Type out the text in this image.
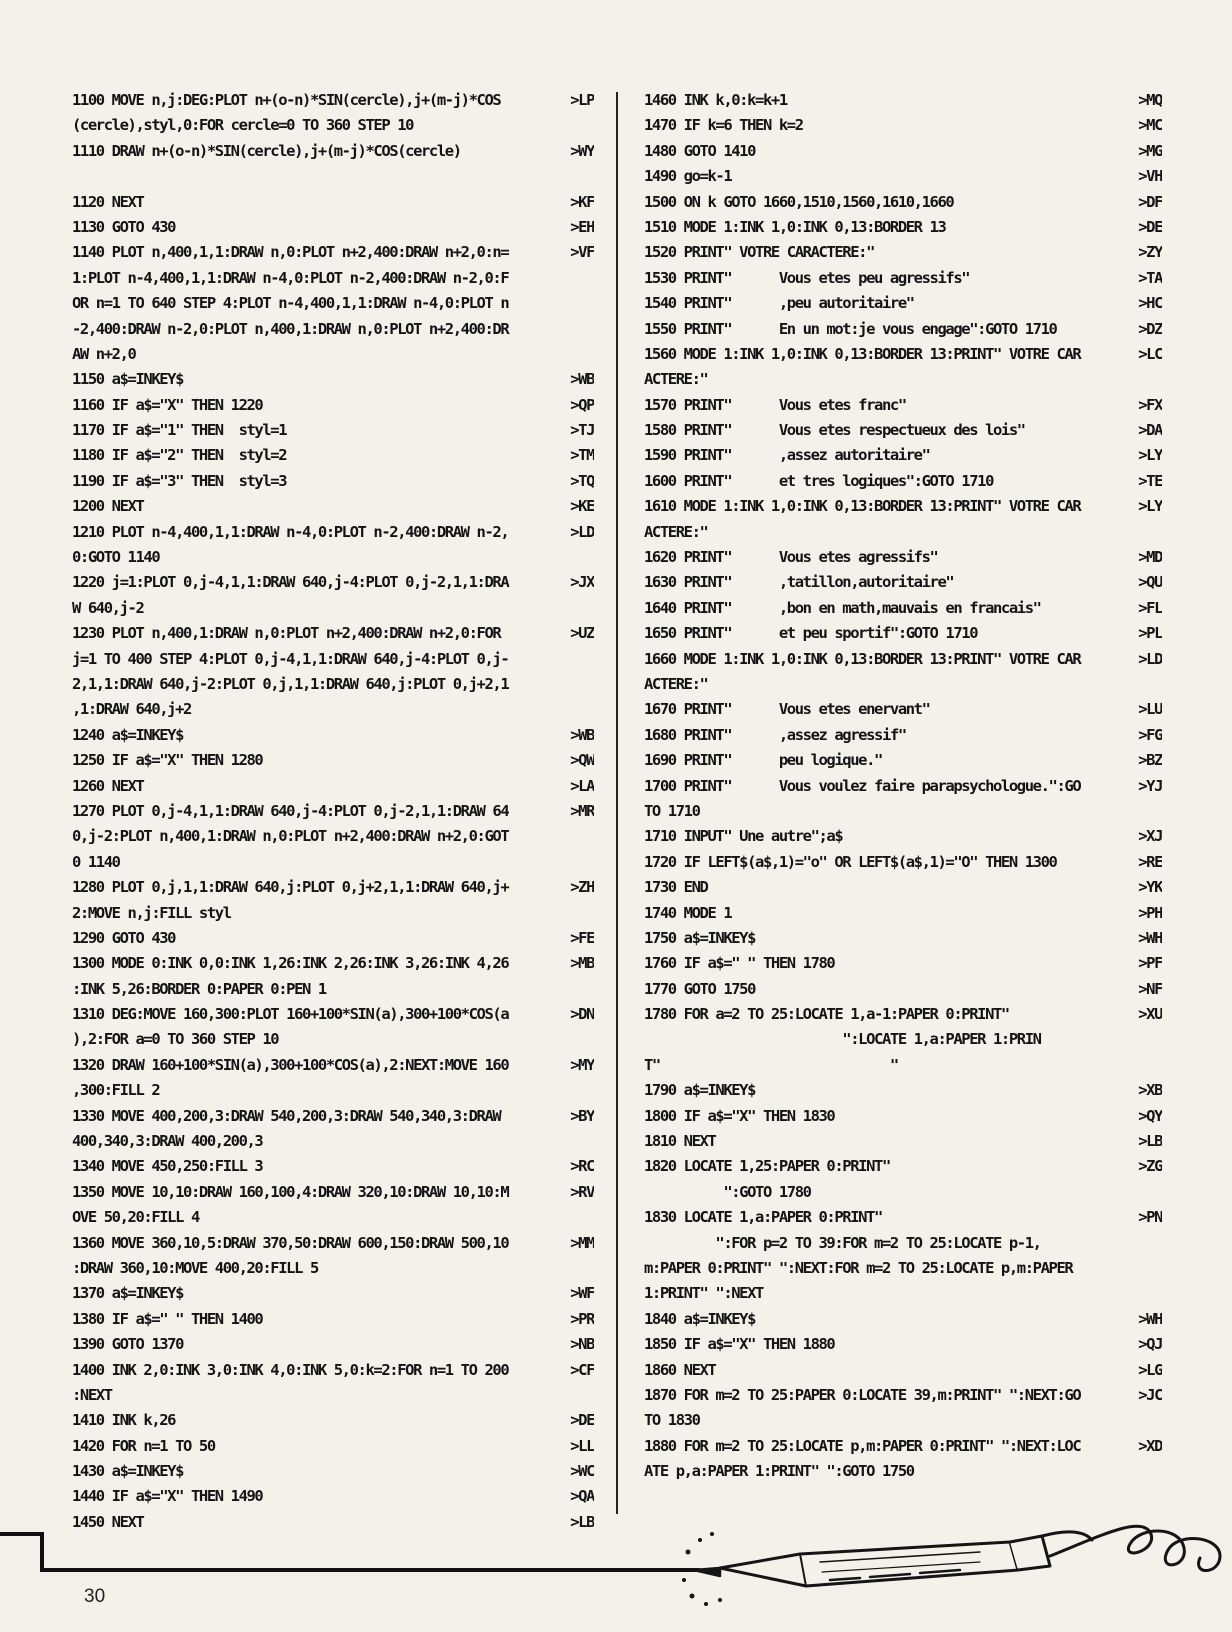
1100 MOVE n,j:DEG:PLOT n+(o-n)*SIN(cercle),j+(m-j)*COS	>LP
(cercle),styl,0:FOR cercle=0 TO 360 STEP 10
1110 DRAW n+(o-n)*SIN(cercle),j+(m-j)*COS(cercle)	>WY
1120 NEXT	>KF
1130 GOTO 430	>EH
1140 PLOT n,400,1,1:DRAW n,0:PLOT n+2,400:DRAW n+2,0:n=	>VF
1:PLOT n-4,400,1,1:DRAW n-4,0:PLOT n-2,400:DRAW n-2,0:F
OR n=1 TO 640 STEP 4:PLOT n-4,400,1,1:DRAW n-4,0:PLOT n
-2,400:DRAW n-2,0:PLOT n,400,1:DRAW n,0:PLOT n+2,400:DR
AW n+2,0
1150 a$=INKEY$	>WB
1160 IF a$="X" THEN 1220	>QP
1170 IF a$="1" THEN  styl=1	>TJ
1180 IF a$="2" THEN  styl=2	>TM
1190 IF a$="3" THEN  styl=3	>TQ
1200 NEXT	>KE
1210 PLOT n-4,400,1,1:DRAW n-4,0:PLOT n-2,400:DRAW n-2,	>LD
0:GOTO 1140
1220 j=1:PLOT 0,j-4,1,1:DRAW 640,j-4:PLOT 0,j-2,1,1:DRA	>JX
W 640,j-2
1230 PLOT n,400,1:DRAW n,0:PLOT n+2,400:DRAW n+2,0:FOR	>UZ
j=1 TO 400 STEP 4:PLOT 0,j-4,1,1:DRAW 640,j-4:PLOT 0,j-
2,1,1:DRAW 640,j-2:PLOT 0,j,1,1:DRAW 640,j:PLOT 0,j+2,1
,1:DRAW 640,j+2
1240 a$=INKEY$	>WB
1250 IF a$="X" THEN 1280	>QW
1260 NEXT	>LA
1270 PLOT 0,j-4,1,1:DRAW 640,j-4:PLOT 0,j-2,1,1:DRAW 64	>MR
0,j-2:PLOT n,400,1:DRAW n,0:PLOT n+2,400:DRAW n+2,0:GOT
0 1140
1280 PLOT 0,j,1,1:DRAW 640,j:PLOT 0,j+2,1,1:DRAW 640,j+	>ZH
2:MOVE n,j:FILL styl
1290 GOTO 430	>FE
1300 MODE 0:INK 0,0:INK 1,26:INK 2,26:INK 3,26:INK 4,26	>MB
:INK 5,26:BORDER 0:PAPER 0:PEN 1
1310 DEG:MOVE 160,300:PLOT 160+100*SIN(a),300+100*COS(a	>DN
),2:FOR a=0 TO 360 STEP 10
1320 DRAW 160+100*SIN(a),300+100*COS(a),2:NEXT:MOVE 160	>MY
,300:FILL 2
1330 MOVE 400,200,3:DRAW 540,200,3:DRAW 540,340,3:DRAW	>BY
400,340,3:DRAW 400,200,3
1340 MOVE 450,250:FILL 3	>RC
1350 MOVE 10,10:DRAW 160,100,4:DRAW 320,10:DRAW 10,10:M	>RV
OVE 50,20:FILL 4
1360 MOVE 360,10,5:DRAW 370,50:DRAW 600,150:DRAW 500,10	>MM
:DRAW 360,10:MOVE 400,20:FILL 5
1370 a$=INKEY$	>WF
1380 IF a$=" " THEN 1400	>PR
1390 GOTO 1370	>NB
1400 INK 2,0:INK 3,0:INK 4,0:INK 5,0:k=2:FOR n=1 TO 200	>CF
:NEXT
1410 INK k,26	>DE
1420 FOR n=1 TO 50	>LL
1430 a$=INKEY$	>WC
1440 IF a$="X" THEN 1490	>QA
1450 NEXT	>LB
1460 INK k,0:k=k+1	>MQ
1470 IF k=6 THEN k=2	>MC
1480 GOTO 1410	>MG
1490 go=k-1	>VH
1500 ON k GOTO 1660,1510,1560,1610,1660	>DF
1510 MODE 1:INK 1,0:INK 0,13:BORDER 13	>DE
1520 PRINT" VOTRE CARACTERE:"	>ZY
1530 PRINT"      Vous etes peu agressifs"	>TA
1540 PRINT"      ,peu autoritaire"	>HC
1550 PRINT"      En un mot:je vous engage":GOTO 1710	>DZ
1560 MODE 1:INK 1,0:INK 0,13:BORDER 13:PRINT" VOTRE CAR	>LC
ACTERE:"
1570 PRINT"      Vous etes franc"	>FX
1580 PRINT"      Vous etes respectueux des lois"	>DA
1590 PRINT"      ,assez autoritaire"	>LY
1600 PRINT"      et tres logiques":GOTO 1710	>TE
1610 MODE 1:INK 1,0:INK 0,13:BORDER 13:PRINT" VOTRE CAR	>LY
ACTERE:"
1620 PRINT"      Vous etes agressifs"	>MD
1630 PRINT"      ,tatillon,autoritaire"	>QU
1640 PRINT"      ,bon en math,mauvais en francais"	>FL
1650 PRINT"      et peu sportif":GOTO 1710	>PL
1660 MODE 1:INK 1,0:INK 0,13:BORDER 13:PRINT" VOTRE CAR	>LD
ACTERE:"
1670 PRINT"      Vous etes enervant"	>LU
1680 PRINT"      ,assez agressif"	>FG
1690 PRINT"      peu logique."	>BZ
1700 PRINT"      Vous voulez faire parapsychologue.":GO	>YJ
TO 1710
1710 INPUT" Une autre";a$	>XJ
1720 IF LEFT$(a$,1)="o" OR LEFT$(a$,1)="O" THEN 1300	>RE
1730 END	>YK
1740 MODE 1	>PH
1750 a$=INKEY$	>WH
1760 IF a$=" " THEN 1780	>PF
1770 GOTO 1750	>NF
1780 FOR a=2 TO 25:LOCATE 1,a-1:PAPER 0:PRINT"	>XU
":LOCATE 1,a:PAPER 1:PRIN
T"                             "
1790 a$=INKEY$	>XB
1800 IF a$="X" THEN 1830	>QY
1810 NEXT	>LB
1820 LOCATE 1,25:PAPER 0:PRINT"	>ZG
":GOTO 1780
1830 LOCATE 1,a:PAPER 0:PRINT"	>PN
":FOR p=2 TO 39:FOR m=2 TO 25:LOCATE p-1,
m:PAPER 0:PRINT" ":NEXT:FOR m=2 TO 25:LOCATE p,m:PAPER
1:PRINT" ":NEXT
1840 a$=INKEY$	>WH
1850 IF a$="X" THEN 1880	>QJ
1860 NEXT	>LG
1870 FOR m=2 TO 25:PAPER 0:LOCATE 39,m:PRINT" ":NEXT:GO	>JC
TO 1830
1880 FOR m=2 TO 25:LOCATE p,m:PAPER 0:PRINT" ":NEXT:LOC	>XD
ATE p,a:PAPER 1:PRINT" ":GOTO 1750
30
